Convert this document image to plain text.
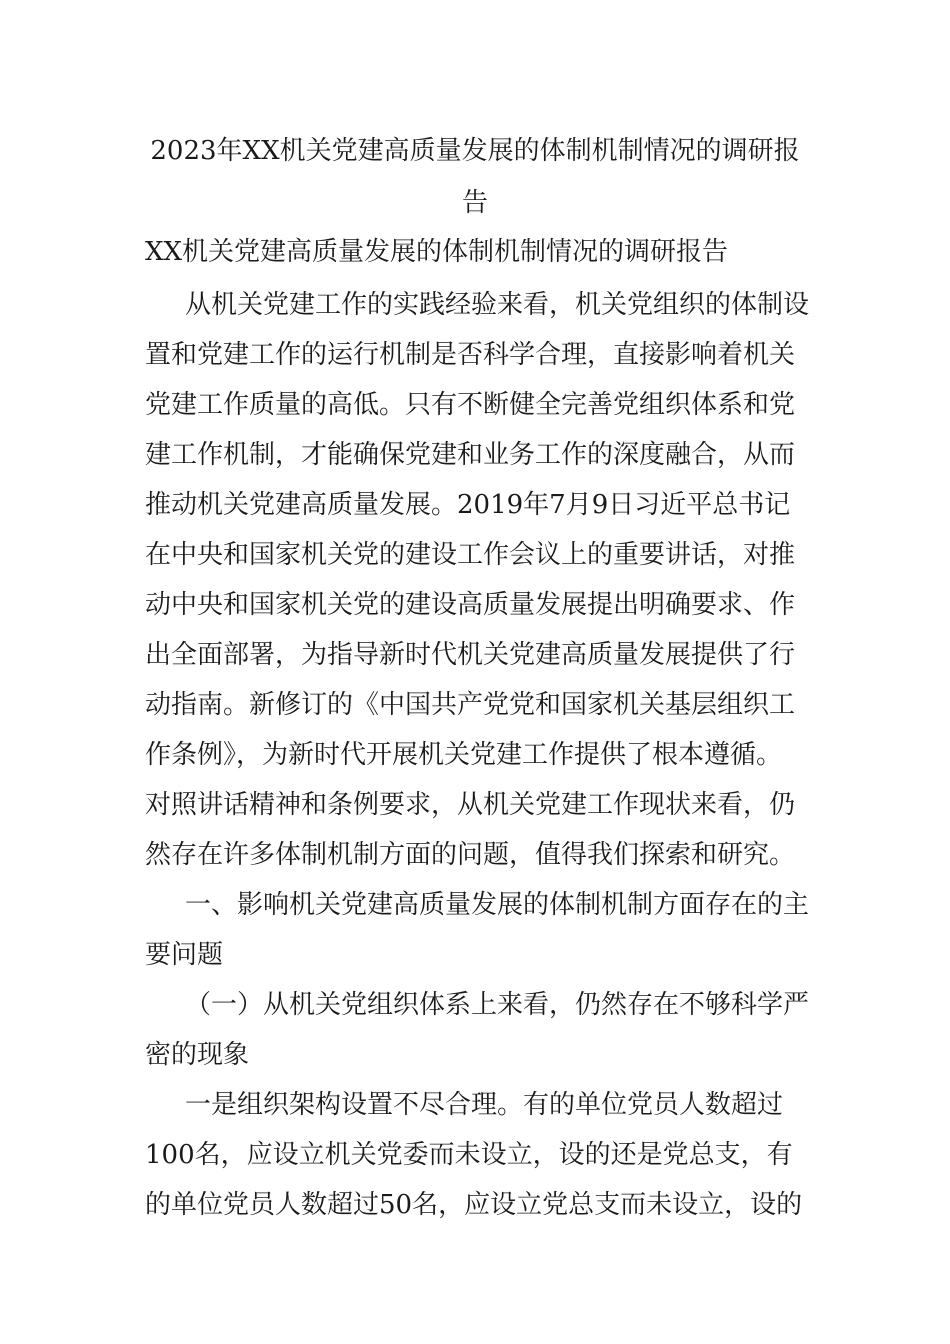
2023年XX机关党建高质量发展的体制机制情况的调研报
告
XX机关党建高质量发展的体制机制情况的调研报告

从机关党建工作的实践经验来看，机关党组织的体制设

置和党建工作的运行机制是否科学合理，直接影响着机关

党建工作质量的高低。只有不断健全完善党组织体系和党

建工作机制，才能确保党建和业务工作的深度融合，从而

推动机关党建高质量发展。2019年7月9日习近平总书记

在中央和国家机关党的建设工作会议上的重要讲话，对推

动中央和国家机关党的建设高质量发展提出明确要求、作

出全面部署，为指导新时代机关党建高质量发展提供了行

动指南。新修订的《中国共产党党和国家机关基层组织工

作条例》，为新时代开展机关党建工作提供了根本遵循。

对照讲话精神和条例要求，从机关党建工作现状来看，仍

然存在许多体制机制方面的问题，值得我们探索和研究。

一、影响机关党建高质量发展的体制机制方面存在的主

要问题

（一）从机关党组织体系上来看，仍然存在不够科学严

密的现象

一是组织架构设置不尽合理。有的单位党员人数超过

100名，应设立机关党委而未设立，设的还是党总支，有

的单位党员人数超过50名，应设立党总支而未设立，设的
